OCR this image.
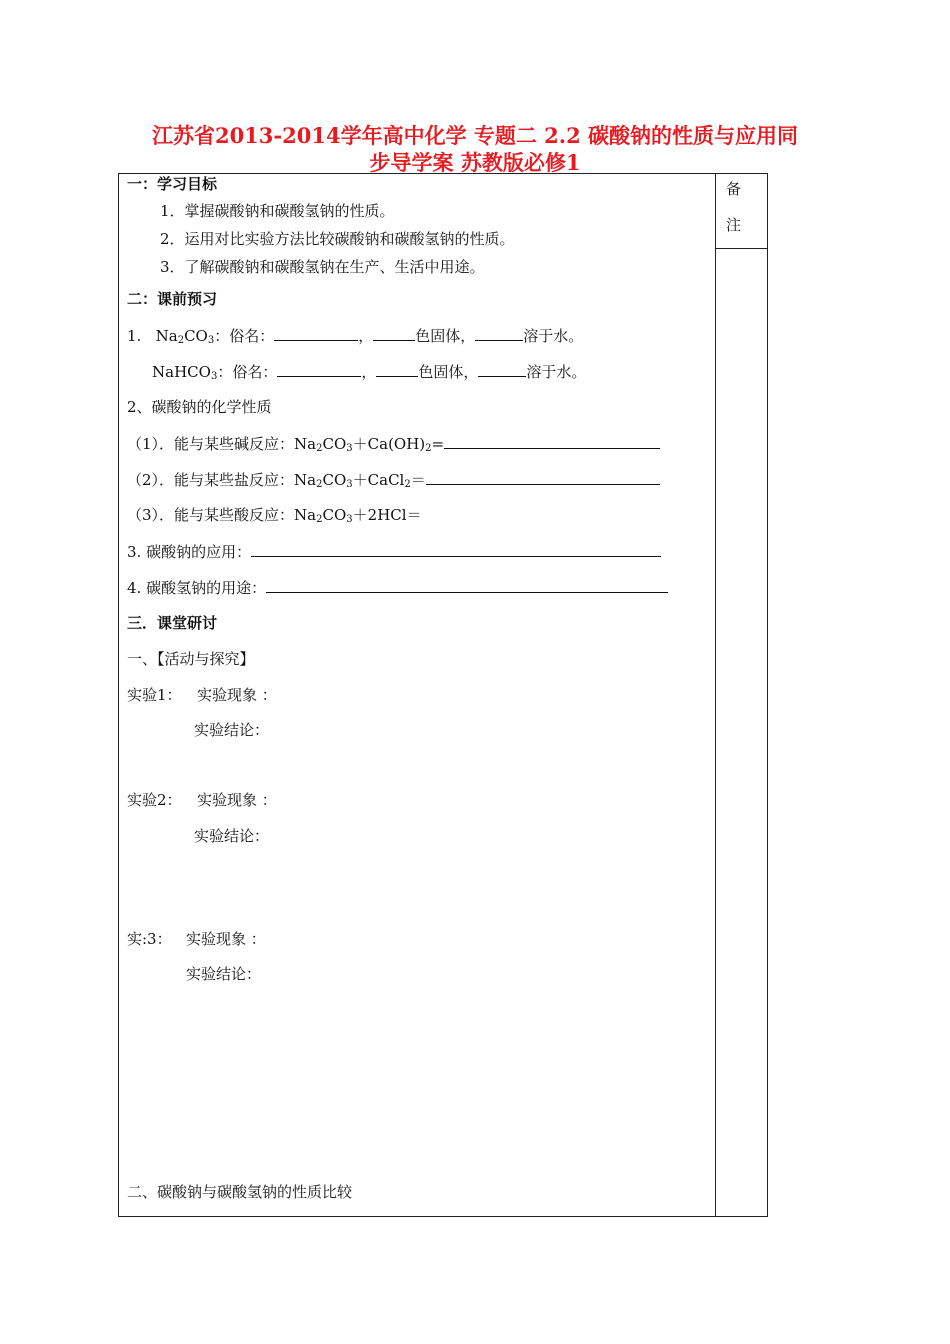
江苏省2013-2014学年高中化学 专题二 2.2 碳酸钠的性质与应用同
步导学案 苏教版必修1
备
注
一：学习目标
1．掌握碳酸钠和碳酸氢钠的性质。
2．运用对比实验方法比较碳酸钠和碳酸氢钠的性质。
3．了解碳酸钠和碳酸氢钠在生产、生活中用途。
二：课前预习
1. $Na_2CO_3$：俗名：	，	色固体，	溶于水。
NaHCO$_3$：俗名：	，	色固体，	溶于水。
2、碳酸钠的化学性质
（1）．能与某些碱反应：$Na_2CO_3+Ca(OH)_2=$
（2）．能与某些盐反应：$Na_2CO_3+CaCl_2=$
（3）．能与某些酸反应：$Na_2CO_3+2HCl=$
3. 碳酸钠的应用：
4. 碳酸氢钠的用途：
三．课堂研讨
一、【活动与探究】
实验1： 实验现象 ：
实验结论：
实验2： 实验现象 ：
实验结论：
实:3： 实验现象 ：
实验结论：
二、碳酸钠与碳酸氢钠的性质比较
